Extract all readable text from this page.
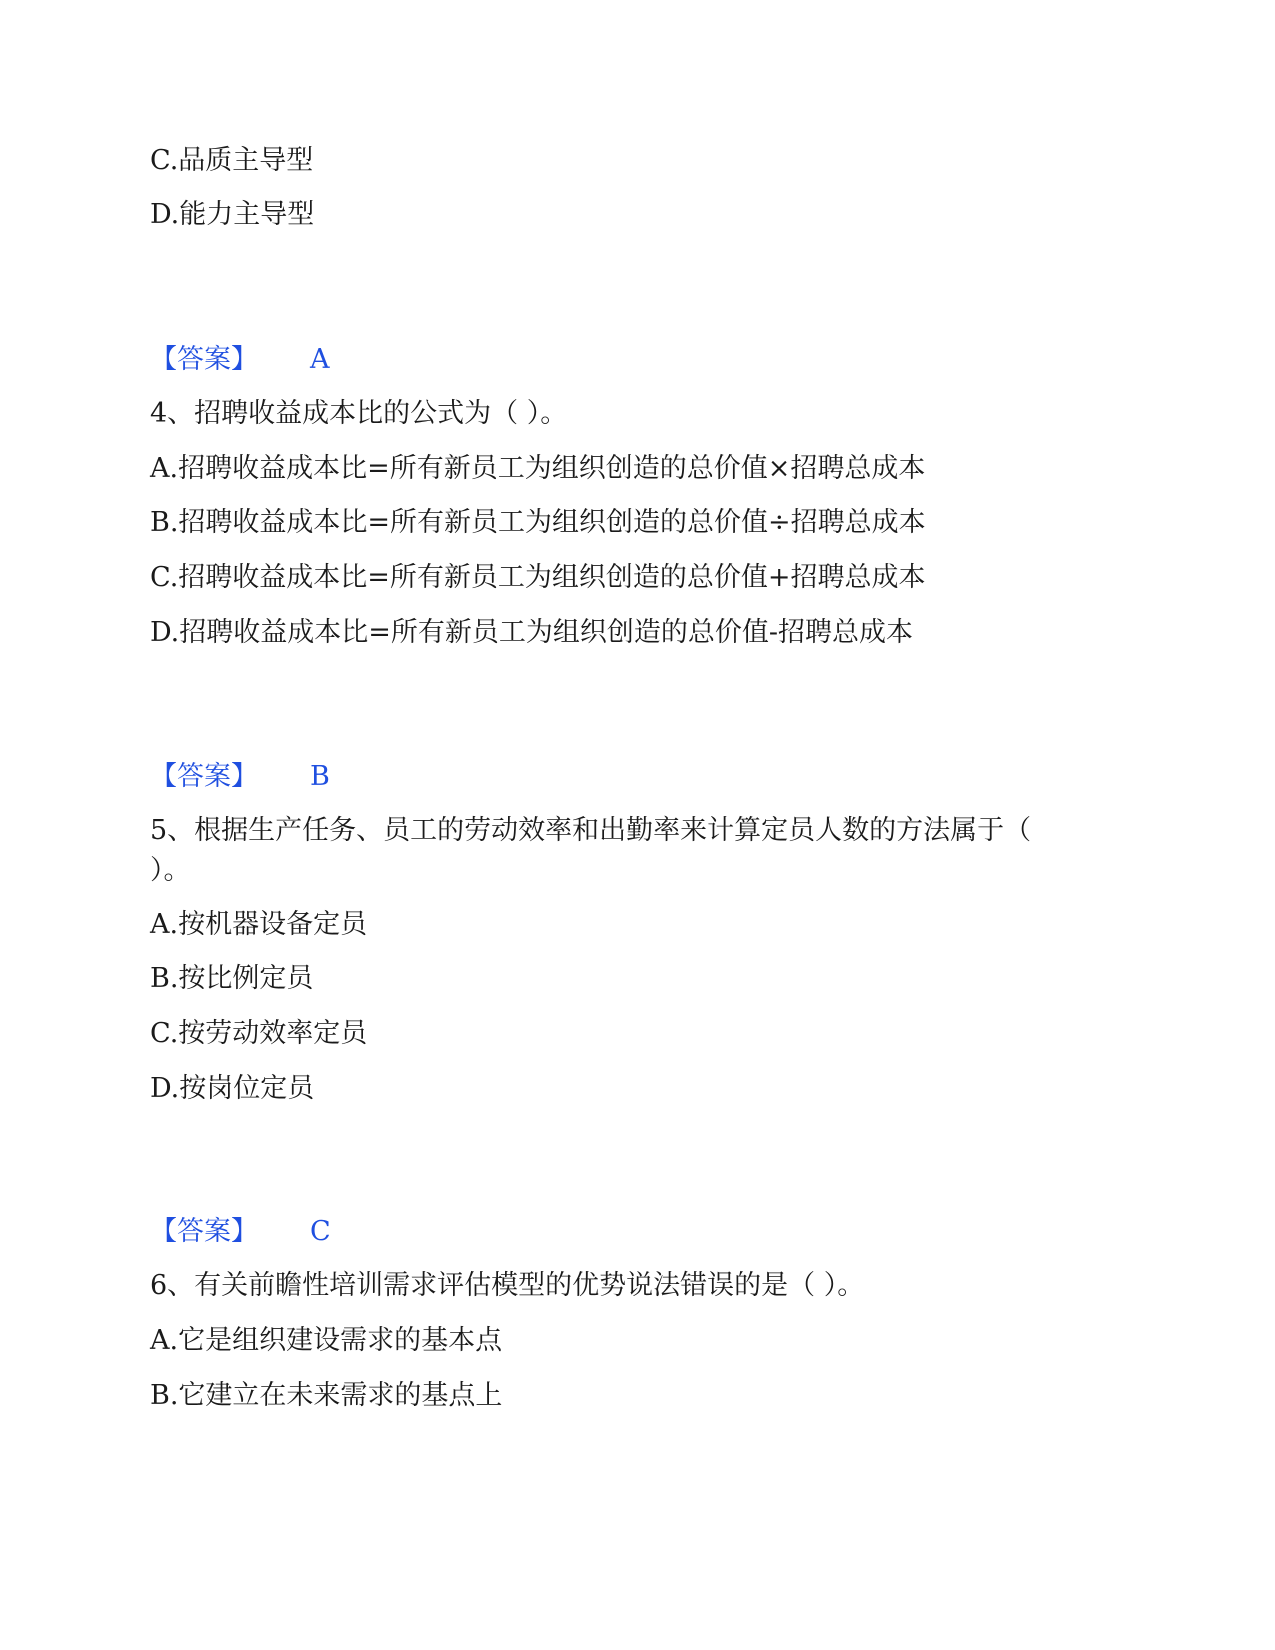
C.品质主导型
D.能力主导型
【答案】 A
4、招聘收益成本比的公式为（ ）。
A.招聘收益成本比=所有新员工为组织创造的总价值×招聘总成本
B.招聘收益成本比=所有新员工为组织创造的总价值÷招聘总成本
C.招聘收益成本比=所有新员工为组织创造的总价值+招聘总成本
D.招聘收益成本比=所有新员工为组织创造的总价值-招聘总成本
【答案】 B
5、根据生产任务、员工的劳动效率和出勤率来计算定员人数的方法属于（
）。
A.按机器设备定员
B.按比例定员
C.按劳动效率定员
D.按岗位定员
【答案】 C
6、有关前瞻性培训需求评估模型的优势说法错误的是（ ）。
A.它是组织建设需求的基本点
B.它建立在未来需求的基点上
